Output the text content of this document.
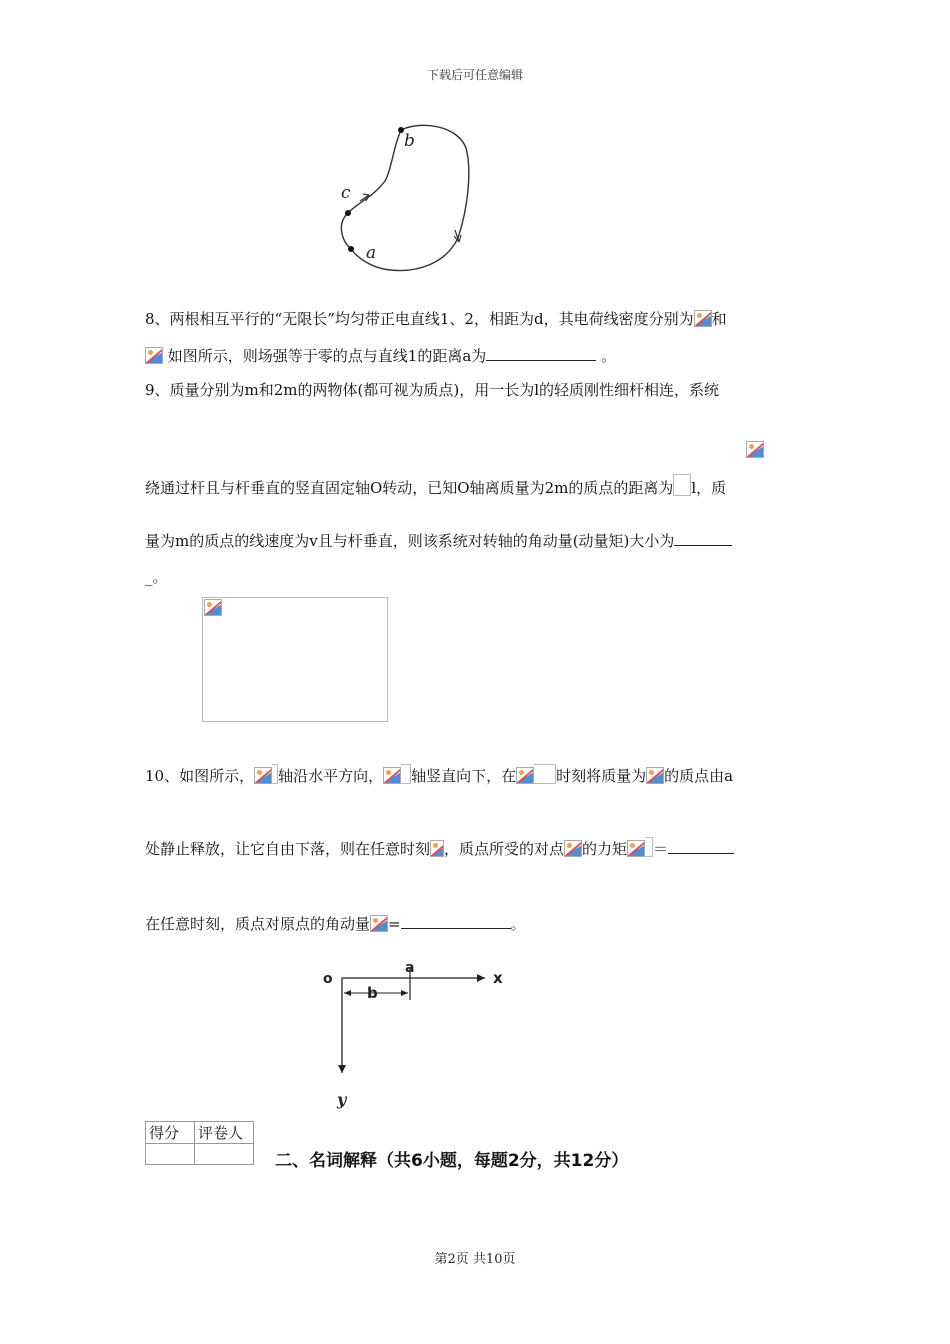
下载后可任意编辑
b
c
a
8、两根相互平行的“无限长”均匀带正电直线1、2，相距为d，其电荷线密度分别为 和
如图所示，则场强等于零的点与直线1的距离a为	。
9、质量分别为m和2m的两物体(都可视为质点)，用一长为l的轻质刚性细杆相连，系统
绕通过杆且与杆垂直的竖直固定轴O转动，已知O轴离质量为2m的质点的距离为 l，质
量为m的质点的线速度为v且与杆垂直，则该系统对转轴的角动量(动量矩)大小为
_。
10、如图所示， 轴沿水平方向， 轴竖直向下，在	时刻将质量为 的质点由a
处静止释放，让它自由下落，则在任意时刻 ，质点所受的对点 的力矩 ＝
在任意时刻，质点对原点的角动量 =	。
o
a
x
b
y
得分	评卷人

二、名词解释（共6小题，每题2分，共12分）
第2页 共10页
